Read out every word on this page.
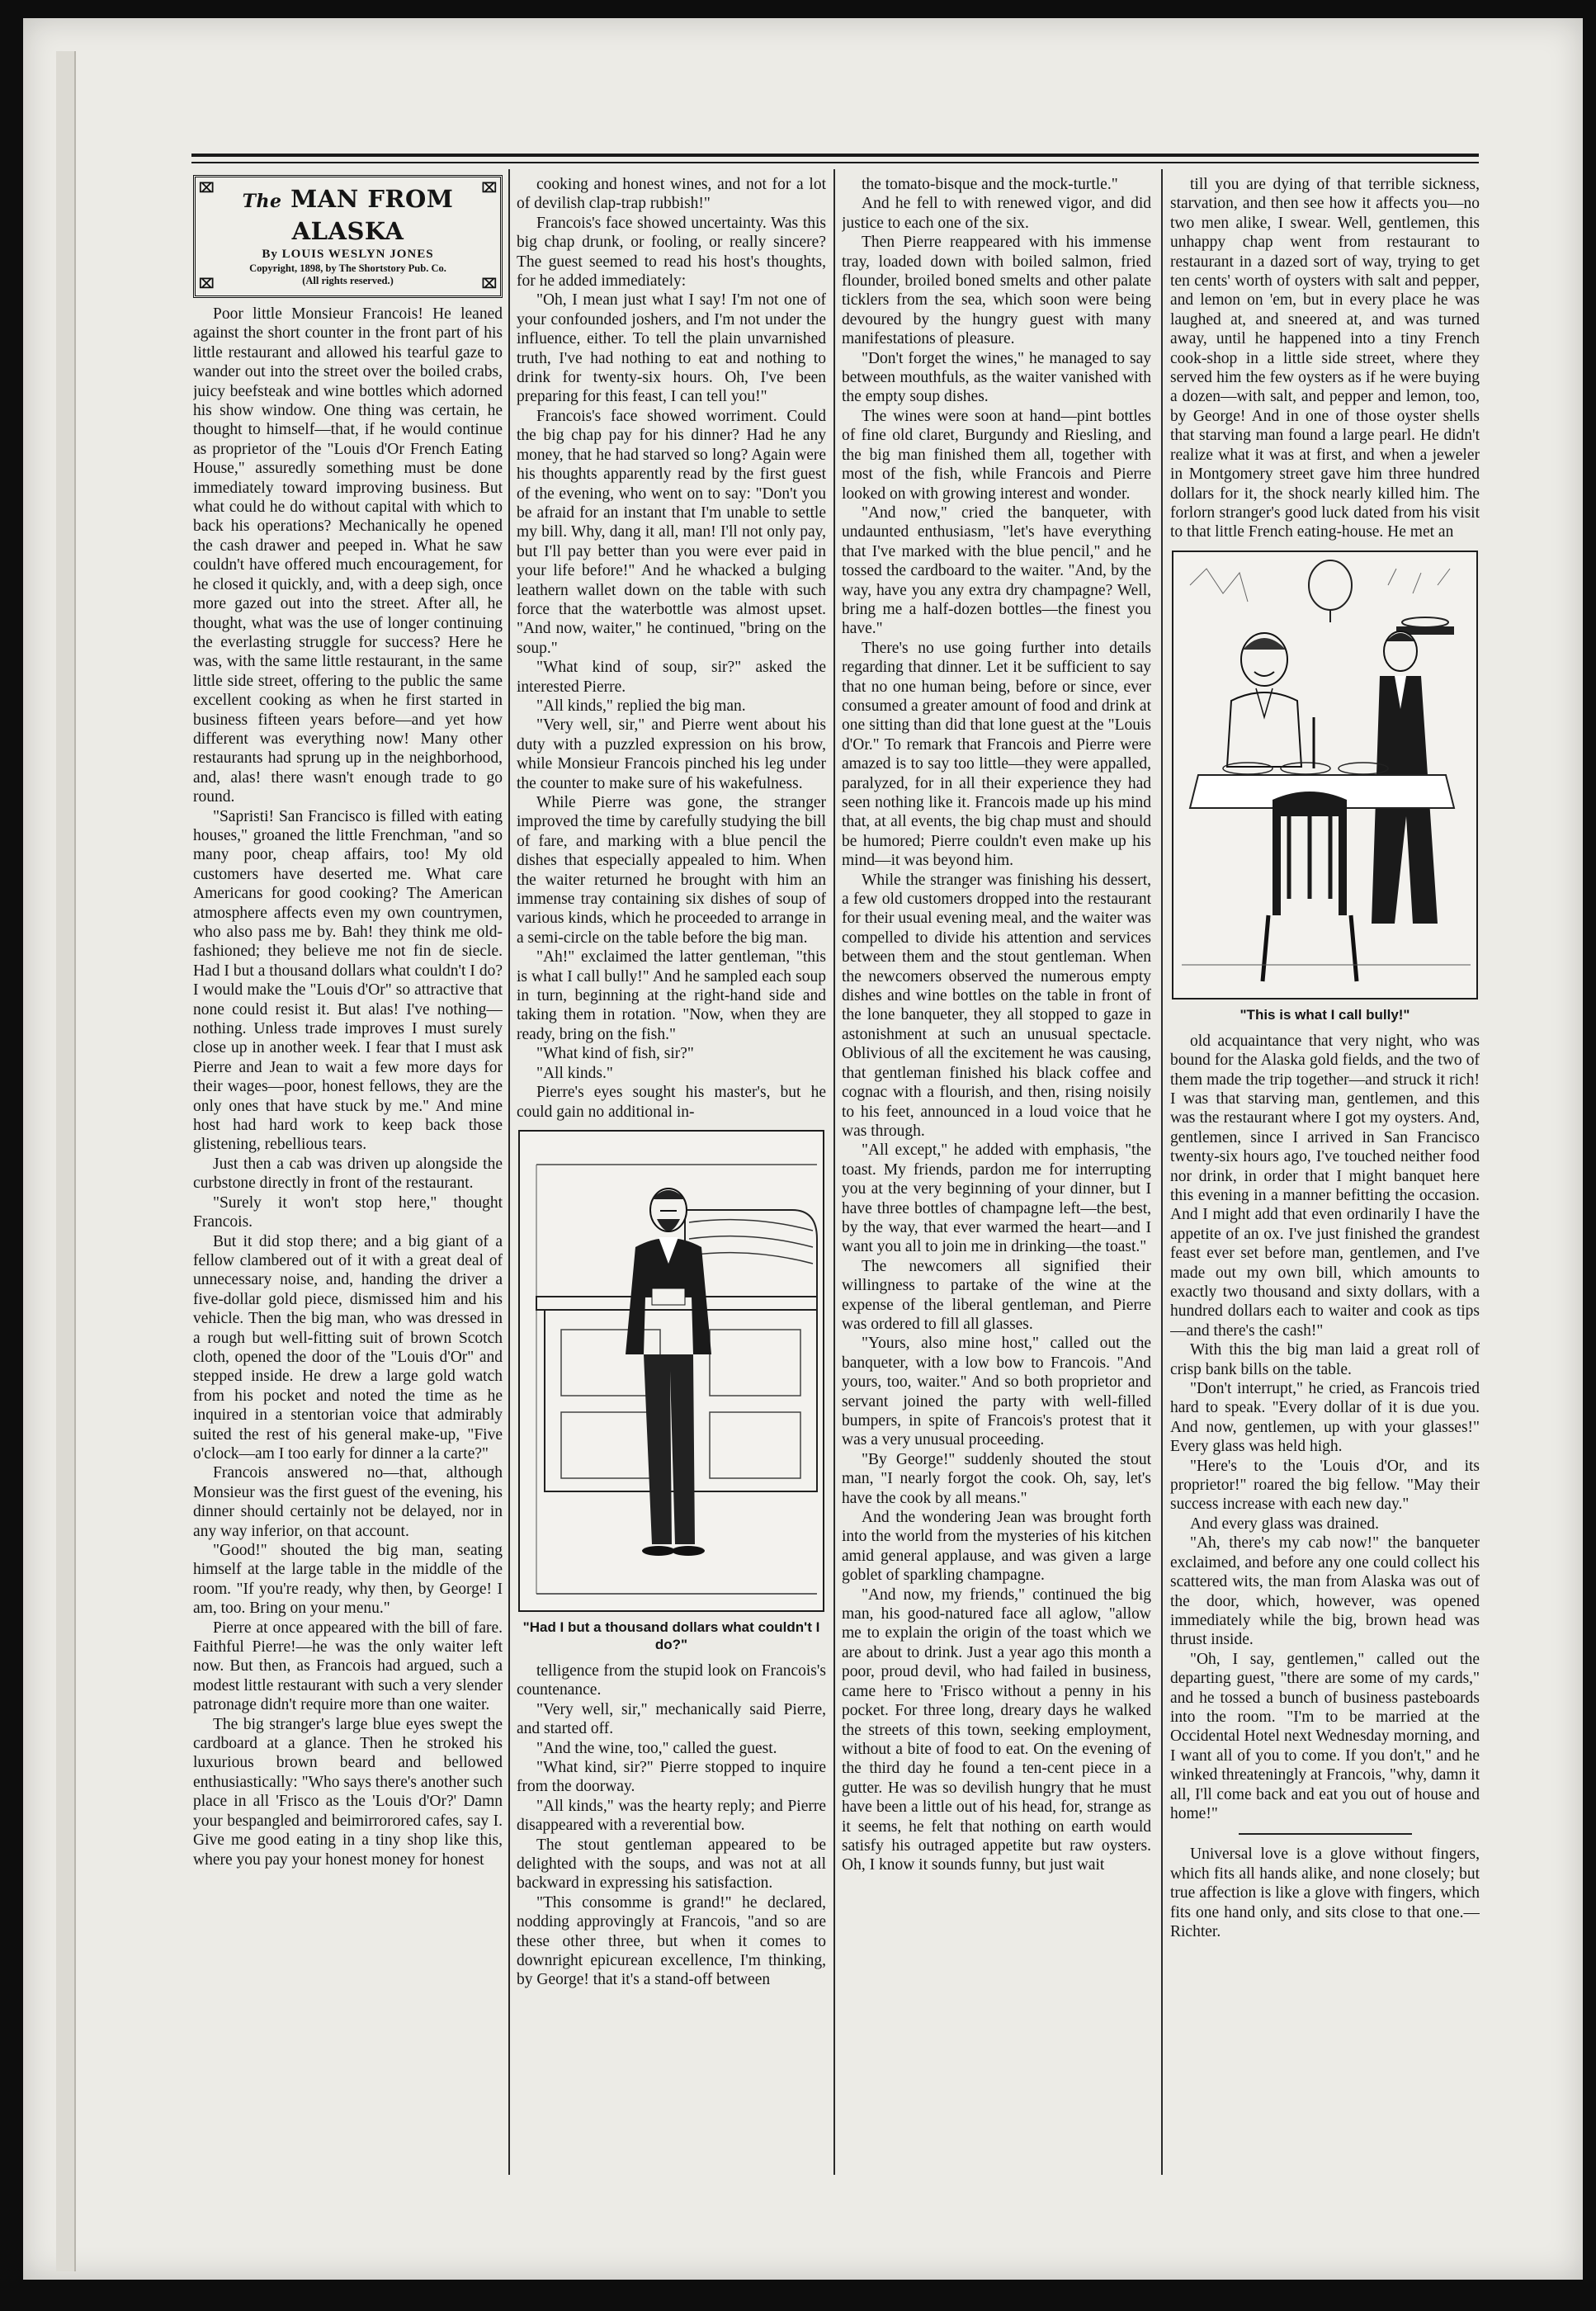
⌧	⌧
⌧	⌧
The MAN FROM ALASKA
By LOUIS WESLYN JONES
Copyright, 1898, by The Shortstory Pub. Co.
(All rights reserved.)

Poor little Monsieur Francois! He leaned against the short counter in the front part of his little restaurant and allowed his tearful gaze to wander out into the street over the boiled crabs, juicy beefsteak and wine bottles which adorned his show window. One thing was certain, he thought to himself—that, if he would continue as proprietor of the "Louis d'Or French Eating House," assuredly something must be done immediately toward improving business. But what could he do without capital with which to back his operations? Mechanically he opened the cash drawer and peeped in. What he saw couldn't have offered much encouragement, for he closed it quickly, and, with a deep sigh, once more gazed out into the street. After all, he thought, what was the use of longer continuing the everlasting struggle for success? Here he was, with the same little restaurant, in the same little side street, offering to the public the same excellent cooking as when he first started in business fifteen years before—and yet how different was everything now! Many other restaurants had sprung up in the neighborhood, and, alas! there wasn't enough trade to go round.

"Sapristi! San Francisco is filled with eating houses," groaned the little Frenchman, "and so many poor, cheap affairs, too! My old customers have deserted me. What care Americans for good cooking? The American atmosphere affects even my own countrymen, who also pass me by. Bah! they think me old-fashioned; they believe me not fin de siecle. Had I but a thousand dollars what couldn't I do? I would make the "Louis d'Or" so attractive that none could resist it. But alas! I've nothing—nothing. Unless trade improves I must surely close up in another week. I fear that I must ask Pierre and Jean to wait a few more days for their wages—poor, honest fellows, they are the only ones that have stuck by me." And mine host had hard work to keep back those glistening, rebellious tears.

Just then a cab was driven up alongside the curbstone directly in front of the restaurant.

"Surely it won't stop here," thought Francois.

But it did stop there; and a big giant of a fellow clambered out of it with a great deal of unnecessary noise, and, handing the driver a five-dollar gold piece, dismissed him and his vehicle. Then the big man, who was dressed in a rough but well-fitting suit of brown Scotch cloth, opened the door of the "Louis d'Or" and stepped inside. He drew a large gold watch from his pocket and noted the time as he inquired in a stentorian voice that admirably suited the rest of his general make-up, "Five o'clock—am I too early for dinner a la carte?"

Francois answered no—that, although Monsieur was the first guest of the evening, his dinner should certainly not be delayed, nor in any way inferior, on that account.

"Good!" shouted the big man, seating himself at the large table in the middle of the room. "If you're ready, why then, by George! I am, too. Bring on your menu."

Pierre at once appeared with the bill of fare. Faithful Pierre!—he was the only waiter left now. But then, as Francois had argued, such a modest little restaurant with such a very slender patronage didn't require more than one waiter.

The big stranger's large blue eyes swept the cardboard at a glance. Then he stroked his luxurious brown beard and bellowed enthusiastically: "Who says there's another such place in all 'Frisco as the 'Louis d'Or?' Damn your bespangled and beimirrorored cafes, say I. Give me good eating in a tiny shop like this, where you pay your honest money for honest

cooking and honest wines, and not for a lot of devilish clap-trap rubbish!"

Francois's face showed uncertainty. Was this big chap drunk, or fooling, or really sincere? The guest seemed to read his host's thoughts, for he added immediately:

"Oh, I mean just what I say! I'm not one of your confounded joshers, and I'm not under the influence, either. To tell the plain unvarnished truth, I've had nothing to eat and nothing to drink for twenty-six hours. Oh, I've been preparing for this feast, I can tell you!"

Francois's face showed worriment. Could the big chap pay for his dinner? Had he any money, that he had starved so long? Again were his thoughts apparently read by the first guest of the evening, who went on to say: "Don't you be afraid for an instant that I'm unable to settle my bill. Why, dang it all, man! I'll not only pay, but I'll pay better than you were ever paid in your life before!" And he whacked a bulging leathern wallet down on the table with such force that the waterbottle was almost upset. "And now, waiter," he continued, "bring on the soup."

"What kind of soup, sir?" asked the interested Pierre.

"All kinds," replied the big man.

"Very well, sir," and Pierre went about his duty with a puzzled expression on his brow, while Monsieur Francois pinched his leg under the counter to make sure of his wakefulness.

While Pierre was gone, the stranger improved the time by carefully studying the bill of fare, and marking with a blue pencil the dishes that especially appealed to him. When the waiter returned he brought with him an immense tray containing six dishes of soup of various kinds, which he proceeded to arrange in a semi-circle on the table before the big man.

"Ah!" exclaimed the latter gentleman, "this is what I call bully!" And he sampled each soup in turn, beginning at the right-hand side and taking them in rotation. "Now, when they are ready, bring on the fish."

"What kind of fish, sir?"

"All kinds."

Pierre's eyes sought his master's, but he could gain no additional in-

"Had I but a thousand dollars what couldn't I do?"

telligence from the stupid look on Francois's countenance.

"Very well, sir," mechanically said Pierre, and started off.

"And the wine, too," called the guest.

"What kind, sir?" Pierre stopped to inquire from the doorway.

"All kinds," was the hearty reply; and Pierre disappeared with a reverential bow.

The stout gentleman appeared to be delighted with the soups, and was not at all backward in expressing his satisfaction.

"This consomme is grand!" he declared, nodding approvingly at Francois, "and so are these other three, but when it comes to downright epicurean excellence, I'm thinking, by George! that it's a stand-off between

the tomato-bisque and the mock-turtle."

And he fell to with renewed vigor, and did justice to each one of the six.

Then Pierre reappeared with his immense tray, loaded down with boiled salmon, fried flounder, broiled boned smelts and other palate ticklers from the sea, which soon were being devoured by the hungry guest with many manifestations of pleasure.

"Don't forget the wines," he managed to say between mouthfuls, as the waiter vanished with the empty soup dishes.

The wines were soon at hand—pint bottles of fine old claret, Burgundy and Riesling, and the big man finished them all, together with most of the fish, while Francois and Pierre looked on with growing interest and wonder.

"And now," cried the banqueter, with undaunted enthusiasm, "let's have everything that I've marked with the blue pencil," and he tossed the cardboard to the waiter. "And, by the way, have you any extra dry champagne? Well, bring me a half-dozen bottles—the finest you have."

There's no use going further into details regarding that dinner. Let it be sufficient to say that no one human being, before or since, ever consumed a greater amount of food and drink at one sitting than did that lone guest at the "Louis d'Or." To remark that Francois and Pierre were amazed is to say too little—they were appalled, paralyzed, for in all their experience they had seen nothing like it. Francois made up his mind that, at all events, the big chap must and should be humored; Pierre couldn't even make up his mind—it was beyond him.

While the stranger was finishing his dessert, a few old customers dropped into the restaurant for their usual evening meal, and the waiter was compelled to divide his attention and services between them and the stout gentleman. When the newcomers observed the numerous empty dishes and wine bottles on the table in front of the lone banqueter, they all stopped to gaze in astonishment at such an unusual spectacle. Oblivious of all the excitement he was causing, that gentleman finished his black coffee and cognac with a flourish, and then, rising noisily to his feet, announced in a loud voice that he was through.

"All except," he added with emphasis, "the toast. My friends, pardon me for interrupting you at the very beginning of your dinner, but I have three bottles of champagne left—the best, by the way, that ever warmed the heart—and I want you all to join me in drinking—the toast."

The newcomers all signified their willingness to partake of the wine at the expense of the liberal gentleman, and Pierre was ordered to fill all glasses.

"Yours, also mine host," called out the banqueter, with a low bow to Francois. "And yours, too, waiter." And so both proprietor and servant joined the party with well-filled bumpers, in spite of Francois's protest that it was a very unusual proceeding.

"By George!" suddenly shouted the stout man, "I nearly forgot the cook. Oh, say, let's have the cook by all means."

And the wondering Jean was brought forth into the world from the mysteries of his kitchen amid general applause, and was given a large goblet of sparkling champagne.

"And now, my friends," continued the big man, his good-natured face all aglow, "allow me to explain the origin of the toast which we are about to drink. Just a year ago this month a poor, proud devil, who had failed in business, came here to 'Frisco without a penny in his pocket. For three long, dreary days he walked the streets of this town, seeking employment, without a bite of food to eat. On the evening of the third day he found a ten-cent piece in a gutter. He was so devilish hungry that he must have been a little out of his head, for, strange as it seems, he felt that nothing on earth would satisfy his outraged appetite but raw oysters. Oh, I know it sounds funny, but just wait

till you are dying of that terrible sickness, starvation, and then see how it affects you—no two men alike, I swear. Well, gentlemen, this unhappy chap went from restaurant to restaurant in a dazed sort of way, trying to get ten cents' worth of oysters with salt and pepper, and lemon on 'em, but in every place he was laughed at, and sneered at, and was turned away, until he happened into a tiny French cook-shop in a little side street, where they served him the few oysters as if he were buying a dozen—with salt, and pepper and lemon, too, by George! And in one of those oyster shells that starving man found a large pearl. He didn't realize what it was at first, and when a jeweler in Montgomery street gave him three hundred dollars for it, the shock nearly killed him. The forlorn stranger's good luck dated from his visit to that little French eating-house. He met an

"This is what I call bully!"

old acquaintance that very night, who was bound for the Alaska gold fields, and the two of them made the trip together—and struck it rich! I was that starving man, gentlemen, and this was the restaurant where I got my oysters. And, gentlemen, since I arrived in San Francisco twenty-six hours ago, I've touched neither food nor drink, in order that I might banquet here this evening in a manner befitting the occasion. And I might add that even ordinarily I have the appetite of an ox. I've just finished the grandest feast ever set before man, gentlemen, and I've made out my own bill, which amounts to exactly two thousand and sixty dollars, with a hundred dollars each to waiter and cook as tips—and there's the cash!"

With this the big man laid a great roll of crisp bank bills on the table.

"Don't interrupt," he cried, as Francois tried hard to speak. "Every dollar of it is due you. And now, gentlemen, up with your glasses!" Every glass was held high.

"Here's to the 'Louis d'Or, and its proprietor!" roared the big fellow. "May their success increase with each new day."

And every glass was drained.

"Ah, there's my cab now!" the banqueter exclaimed, and before any one could collect his scattered wits, the man from Alaska was out of the door, which, however, was opened immediately while the big, brown head was thrust inside.

"Oh, I say, gentlemen," called out the departing guest, "there are some of my cards," and he tossed a bunch of business pasteboards into the room. "I'm to be married at the Occidental Hotel next Wednesday morning, and I want all of you to come. If you don't," and he winked threateningly at Francois, "why, damn it all, I'll come back and eat you out of house and home!"

Universal love is a glove without fingers, which fits all hands alike, and none closely; but true affection is like a glove with fingers, which fits one hand only, and sits close to that one.—Richter.
